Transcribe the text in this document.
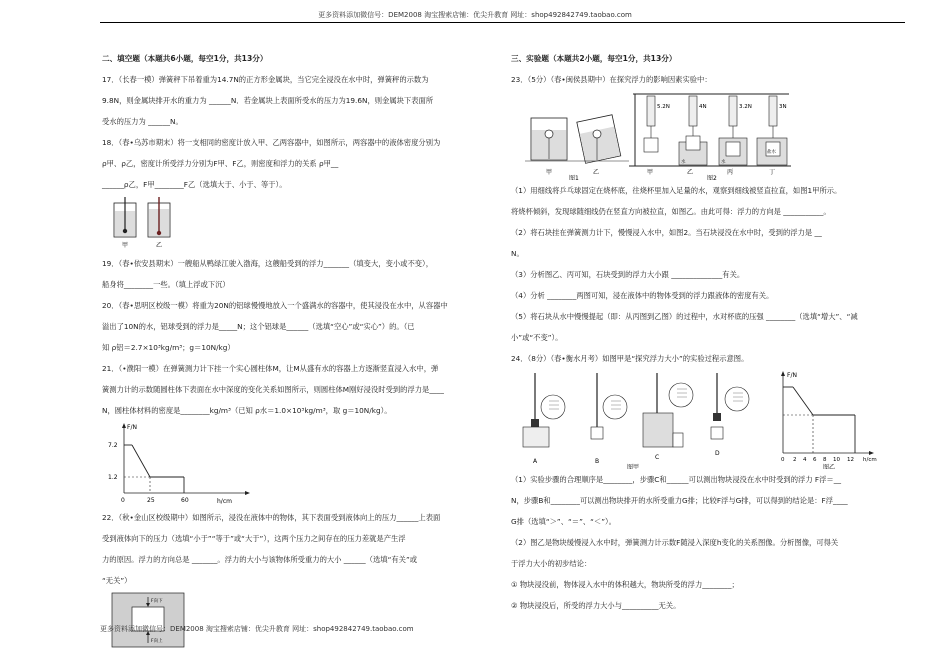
更多资料添加微信号：DEM2008 淘宝搜索店铺：优尖升教育 网址：shop492842749.taobao.com
二、填空题（本题共6小题，每空1分，共13分）
17．（长春一模）弹簧秤下吊着重为14.7N的正方形金属块，当它完全浸没在水中时，弹簧秤的示数为
9.8N，则金属块排开水的重力为 ______N．若金属块上表面所受水的压力为19.6N，则金属块下表面所
受水的压力为 ______N。
18．（春•乌苏市期末）将一支相同的密度计放入甲、乙两容器中，如图所示，两容器中的液体密度分别为
ρ甲、ρ乙，密度计所受浮力分别为F甲、F乙，则密度和浮力的关系 ρ甲__
______ρ乙，F甲________F乙（选填大于、小于、等于）。
甲	乙
19．（春•依安县期末）一艘船从鸭绿江驶入渤海，这艘船受到的浮力_______（填变大，变小或不变），
船身将________一些。（填上浮或下沉）
20．（春•思明区校级一模）将重为20N的铝球慢慢地放入一个盛满水的容器中，使其浸没在水中，从容器中
溢出了10N的水，铝球受到的浮力是_____N；这个铝球是______（选填“空心”或“实心”）的。（已
知 ρ铝＝2.7×10³kg/m³；g＝10N/kg）
21．（•濮阳一模）在弹簧测力计下挂一个实心圆柱体M，让M从盛有水的容器上方逐渐竖直浸入水中，弹
簧测力计的示数随圆柱体下表面在水中深度的变化关系如图所示，则圆柱体M刚好浸没时受到的浮力是____
N，圆柱体材料的密度是________kg/m³（已知 ρ水＝1.0×10³kg/m³，取 g＝10N/kg）。
F/N
h/cm
7.2
1.2
0	25	60
22．（秋•金山区校级期中）如图所示，浸没在液体中的物体，其下表面受到液体向上的压力______上表面
受到液体向下的压力（选填“小于”“等于”或“大于”），这两个压力之间存在的压力差就是产生浮
力的原因。浮力的方向总是 _______。浮力的大小与该物体所受重力的大小 ______（选填“有关”或
“无关”）
F向下
F向上
三、实验题（本题共2小题，每空1分，共13分）
23．（5分）（春•闽侯县期中）在探究浮力的影响因素实验中：
甲	乙
图1
5.2N	4N
水
3.2N
水
3N
盐水
甲	乙	丙	丁
图2
（1）用细线将乒乓球固定在烧杯底，往烧杯里加入足量的水，观察到细线被竖直拉直，如图1甲所示。
将烧杯倾斜，发现球随细线仍在竖直方向被拉直，如图乙。由此可得：浮力的方向是 ___________。
（2）将石块挂在弹簧测力计下，慢慢浸入水中，如图2。当石块浸没在水中时，受到的浮力是 __
N。
（3）分析图乙、丙可知，石块受到的浮力大小跟 ______________有关。
（4）分析 ________两图可知，浸在液体中的物体受到的浮力跟液体的密度有关。
（5）将石块从水中慢慢提起（即：从丙图到乙图）的过程中，水对杯底的压强 ________（选填“增大”、“减
小”或“不变”）。
24．（8分）（春•衡水月考）如图甲是“探究浮力大小”的实验过程示意图。
A	B
C
D
图甲
F/N
0 2 4 6 8 10 12 h/cm
图乙
（1）实验步骤的合理顺序是________，步骤C和______可以测出物块浸没在水中时受到的浮力 F浮＝__
N，步骤B和________可以测出物块排开的水所受重力G排；比较F浮与G排，可以得到的结论是：F浮____
G排（选填“＞”、“＝”、“＜”）。
（2）图乙是物块缓慢浸入水中时，弹簧测力计示数F随浸入深度h变化的关系图像。分析图像，可得关
于浮力大小的初步结论：
① 物块浸没前，物体浸入水中的体积越大，物块所受的浮力________；
② 物块浸没后，所受的浮力大小与__________无关。
更多资料添加微信号：DEM2008 淘宝搜索店铺：优尖升教育 网址：shop492842749.taobao.com
